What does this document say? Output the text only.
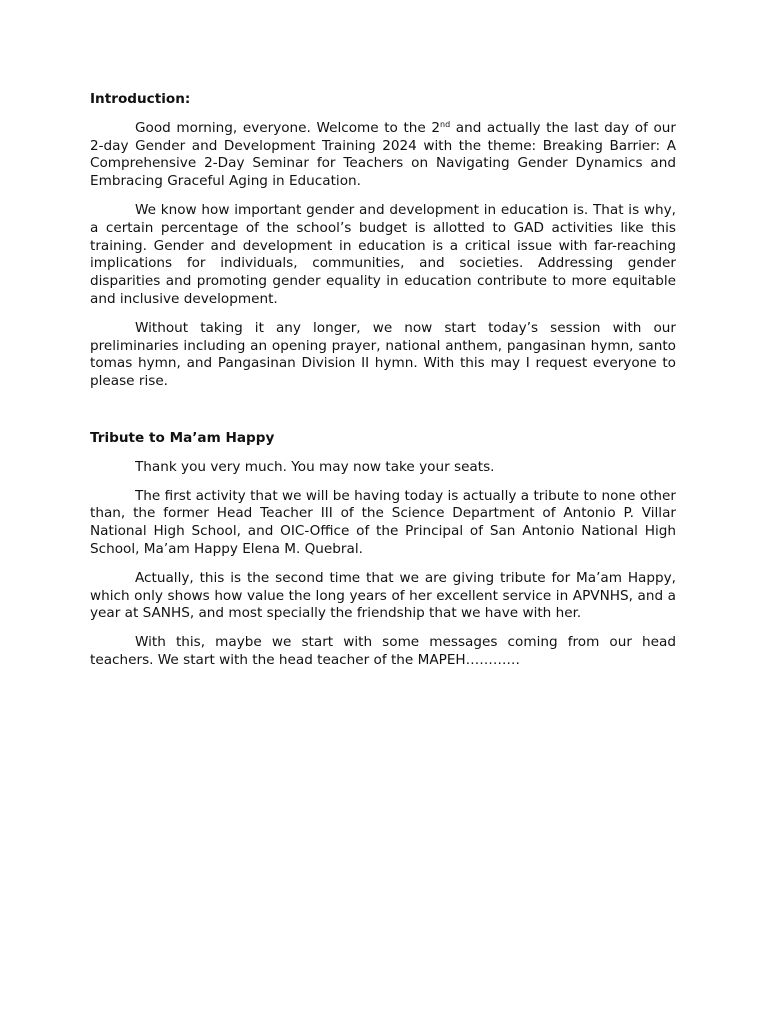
Introduction:

Good morning, everyone. Welcome to the 2nd and actually the last day of our 2-day Gender and Development Training 2024 with the theme: Breaking Barrier: A Comprehensive 2-Day Seminar for Teachers on Navigating Gender Dynamics and Embracing Graceful Aging in Education.

We know how important gender and development in education is. That is why, a certain percentage of the school’s budget is allotted to GAD activities like this training. Gender and development in education is a critical issue with far-reaching implications for individuals, communities, and societies. Addressing gender disparities and promoting gender equality in education contribute to more equitable and inclusive development.

Without taking it any longer, we now start today’s session with our preliminaries including an opening prayer, national anthem, pangasinan hymn, santo tomas hymn, and Pangasinan Division II hymn. With this may I request everyone to please rise.

Tribute to Ma’am Happy

Thank you very much. You may now take your seats.

The first activity that we will be having today is actually a tribute to none other than, the former Head Teacher III of the Science Department of Antonio P. Villar National High School, and OIC-Office of the Principal of San Antonio National High School, Ma’am Happy Elena M. Quebral.

Actually, this is the second time that we are giving tribute for Ma’am Happy, which only shows how value the long years of her excellent service in APVNHS, and a year at SANHS, and most specially the friendship that we have with her.

With this, maybe we start with some messages coming from our head teachers. We start with the head teacher of the MAPEH…………
